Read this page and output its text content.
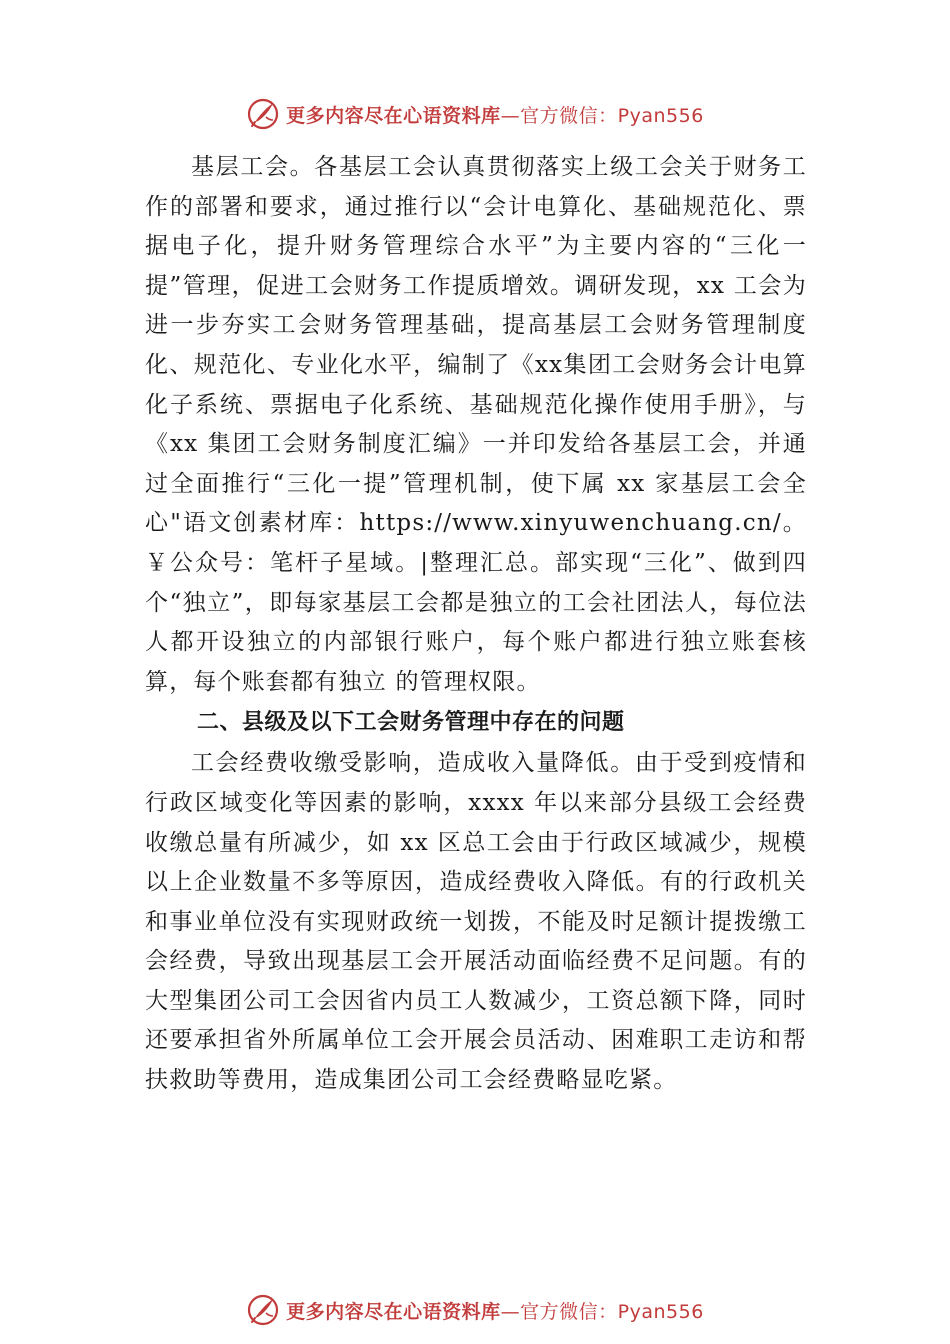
更多内容尽在心语资料库 —官方微信：Pyan556

基层工会。各基层工会认真贯彻落实上级工会关于财务工作的部署和要求，通过推行以“会计电算化、基础规范化、票据电子化，提升财务管理综合水平”为主要内容的“三化一提”管理，促进工会财务工作提质增效。调研发现，xx 工会为进一步夯实工会财务管理基础，提高基层工会财务管理制度化、规范化、专业化水平，编制了《xx集团工会财务会计电算化子系统、票据电子化系统、基础规范化操作使用手册》，与《xx 集团工会财务制度汇编》一并印发给各基层工会，并通过全面推行“三化一提”管理机制，使下属 xx 家基层工会全心"语文创素材库：https://www.xinyuwenchuang.cn/。￥公众号：笔杆子星域。|整理汇总。部实现“三化”、做到四个“独立”，即每家基层工会都是独立的工会社团法人，每位法人都开设独立的内部银行账户，每个账户都进行独立账套核算，每个账套都有独立 的管理权限。

二、县级及以下工会财务管理中存在的问题

工会经费收缴受影响，造成收入量降低。由于受到疫情和行政区域变化等因素的影响，xxxx 年以来部分县级工会经费收缴总量有所减少，如 xx 区总工会由于行政区域减少，规模以上企业数量不多等原因，造成经费收入降低。有的行政机关和事业单位没有实现财政统一划拨，不能及时足额计提拨缴工会经费，导致出现基层工会开展活动面临经费不足问题。有的大型集团公司工会因省内员工人数减少，工资总额下降，同时还要承担省外所属单位工会开展会员活动、困难职工走访和帮扶救助等费用，造成集团公司工会经费略显吃紧。

更多内容尽在心语资料库 —官方微信：Pyan556
